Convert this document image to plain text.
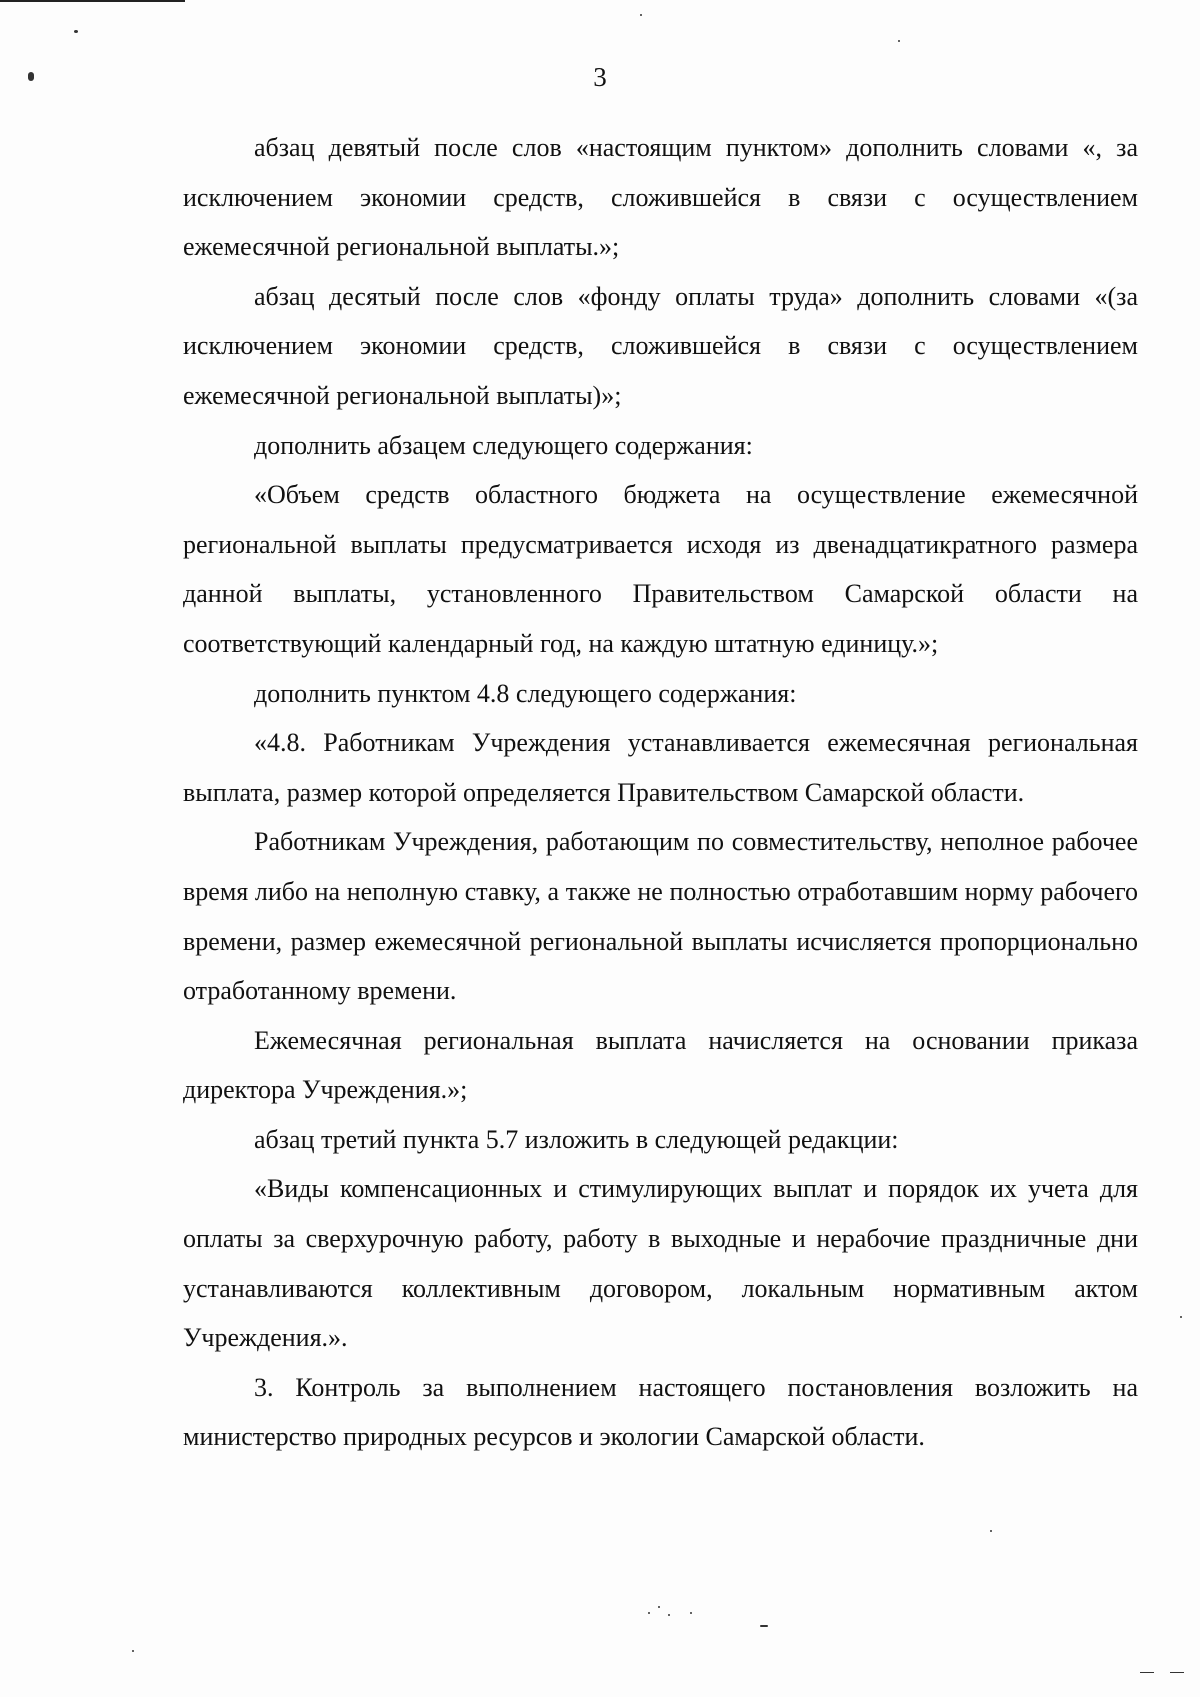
3

абзац девятый после слов «настоящим пунктом» дополнить словами «, за исключением экономии средств, сложившейся в связи с осуществлением ежемесячной региональной выплаты.»;

абзац десятый после слов «фонду оплаты труда» дополнить словами «(за исключением экономии средств, сложившейся в связи с осуществлением ежемесячной региональной выплаты)»;

дополнить абзацем следующего содержания:

«Объем средств областного бюджета на осуществление ежемесячной региональной выплаты предусматривается исходя из двенадцатикратного размера данной выплаты, установленного Правительством Самарской области на соответствующий календарный год, на каждую штатную единицу.»;

дополнить пунктом 4.8 следующего содержания:

«4.8. Работникам Учреждения устанавливается ежемесячная региональная выплата, размер которой определяется Правительством Самарской области.

Работникам Учреждения, работающим по совместительству, неполное рабочее время либо на неполную ставку, а также не полностью отработавшим норму рабочего времени, размер ежемесячной региональной выплаты исчисляется пропорционально отработанному времени.

Ежемесячная региональная выплата начисляется на основании приказа директора Учреждения.»;

абзац третий пункта 5.7 изложить в следующей редакции:

«Виды компенсационных и стимулирующих выплат и порядок их учета для оплаты за сверхурочную работу, работу в выходные и нерабочие праздничные дни устанавливаются коллективным договором, локальным нормативным актом Учреждения.».

3. Контроль за выполнением настоящего постановления возложить на министерство природных ресурсов и экологии Самарской области.
